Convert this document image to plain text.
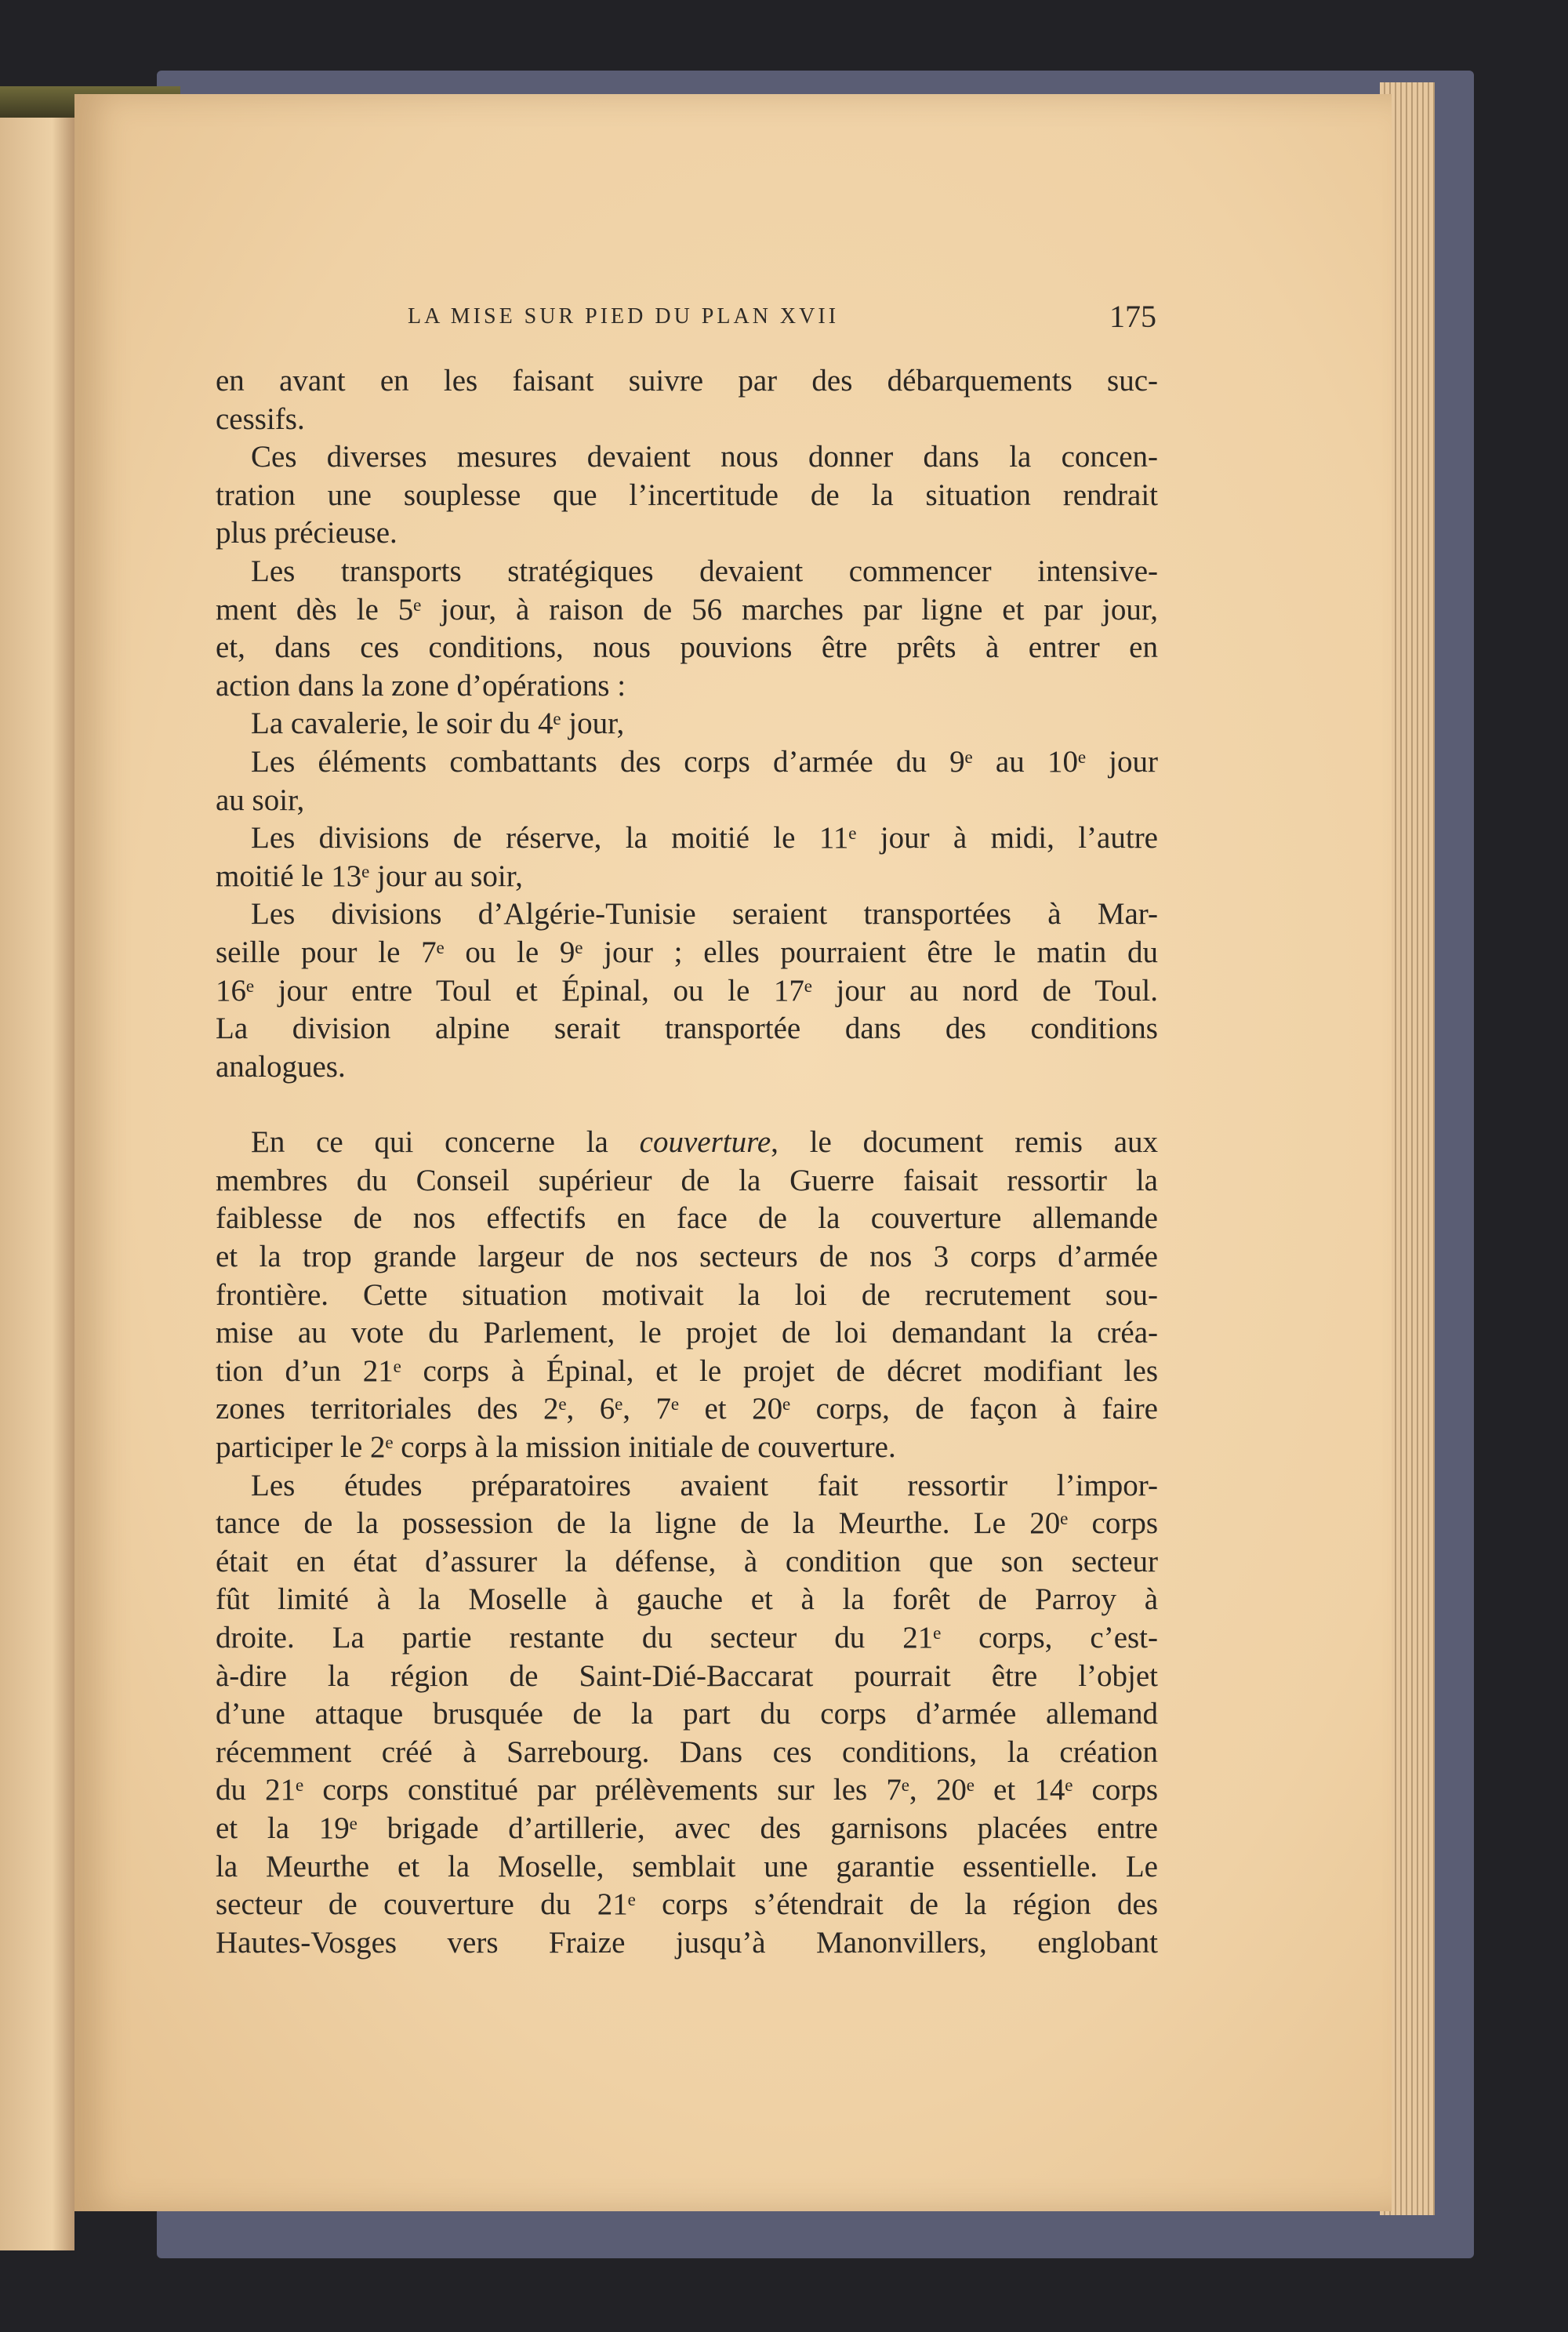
LA MISE SUR PIED DU PLAN XVII	175
en avant en les faisant suivre par des débarquements suc-
cessifs.
Ces diverses mesures devaient nous donner dans la concen-
tration une souplesse que l’incertitude de la situation rendrait
plus précieuse.
Les transports stratégiques devaient commencer intensive-
ment dès le 5ᵉ jour, à raison de 56 marches par ligne et par jour,
et, dans ces conditions, nous pouvions être prêts à entrer en
action dans la zone d’opérations :
La cavalerie, le soir du 4ᵉ jour,
Les éléments combattants des corps d’armée du 9ᵉ au 10ᵉ jour
au soir,
Les divisions de réserve, la moitié le 11ᵉ jour à midi, l’autre
moitié le 13ᵉ jour au soir,
Les divisions d’Algérie-Tunisie seraient transportées à Mar-
seille pour le 7ᵉ ou le 9ᵉ jour ; elles pourraient être le matin du
16ᵉ jour entre Toul et Épinal, ou le 17ᵉ jour au nord de Toul.
La division alpine serait transportée dans des conditions
analogues.
En ce qui concerne la couverture, le document remis aux
membres du Conseil supérieur de la Guerre faisait ressortir la
faiblesse de nos effectifs en face de la couverture allemande
et la trop grande largeur de nos secteurs de nos 3 corps d’armée
frontière. Cette situation motivait la loi de recrutement sou-
mise au vote du Parlement, le projet de loi demandant la créa-
tion d’un 21ᵉ corps à Épinal, et le projet de décret modifiant les
zones territoriales des 2ᵉ, 6ᵉ, 7ᵉ et 20ᵉ corps, de façon à faire
participer le 2ᵉ corps à la mission initiale de couverture.
Les études préparatoires avaient fait ressortir l’impor-
tance de la possession de la ligne de la Meurthe. Le 20ᵉ corps
était en état d’assurer la défense, à condition que son secteur
fût limité à la Moselle à gauche et à la forêt de Parroy à
droite. La partie restante du secteur du 21ᵉ corps, c’est-
à-dire la région de Saint-Dié-Baccarat pourrait être l’objet
d’une attaque brusquée de la part du corps d’armée allemand
récemment créé à Sarrebourg. Dans ces conditions, la création
du 21ᵉ corps constitué par prélèvements sur les 7ᵉ, 20ᵉ et 14ᵉ corps
et la 19ᵉ brigade d’artillerie, avec des garnisons placées entre
la Meurthe et la Moselle, semblait une garantie essentielle. Le
secteur de couverture du 21ᵉ corps s’étendrait de la région des
Hautes-Vosges vers Fraize jusqu’à Manonvillers, englobant
